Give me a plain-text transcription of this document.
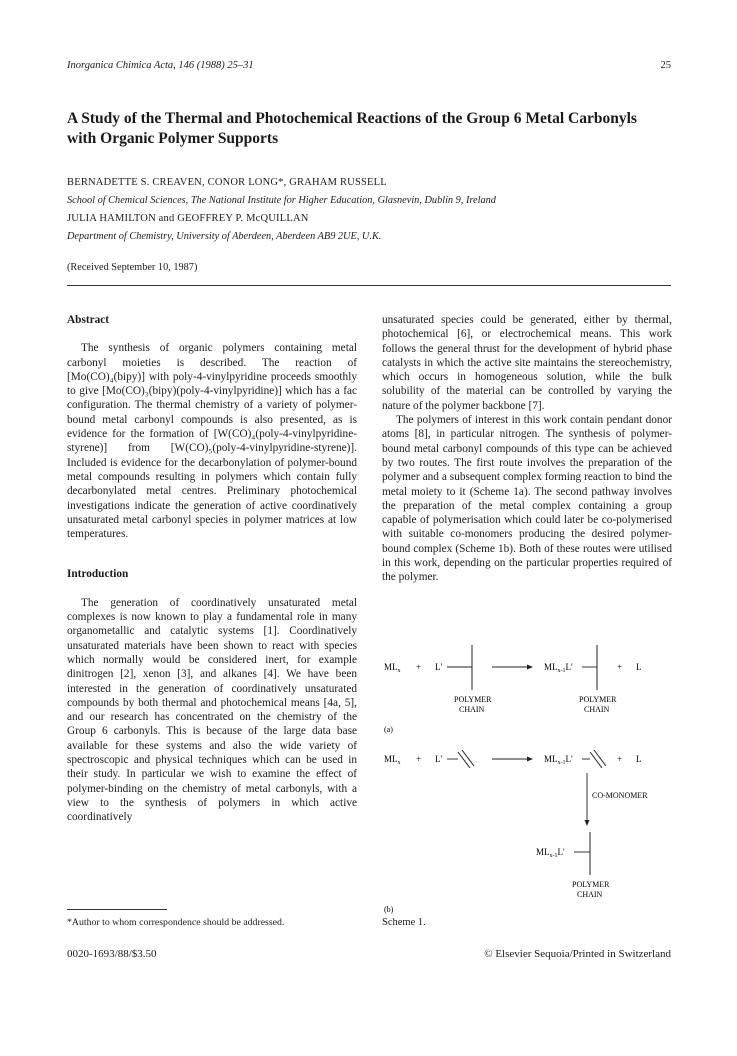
Inorganica Chimica Acta, 146 (1988) 25–31	25
A Study of the Thermal and Photochemical Reactions of the Group 6 Metal Carbonyls with Organic Polymer Supports
BERNADETTE S. CREAVEN, CONOR LONG*, GRAHAM RUSSELL
School of Chemical Sciences, The National Institute for Higher Education, Glasnevin, Dublin 9, Ireland
JULIA HAMILTON and GEOFFREY P. McQUILLAN
Department of Chemistry, University of Aberdeen, Aberdeen AB9 2UE, U.K.
(Received September 10, 1987)
Abstract

The synthesis of organic polymers containing metal carbonyl moieties is described. The reaction of [Mo(CO)₄(bipy)] with poly-4-vinylpyridine proceeds smoothly to give [Mo(CO)₃(bipy)(poly-4-vinylpyridine)] which has a fac configuration. The thermal chemistry of a variety of polymer-bound metal carbonyl compounds is also presented, as is evidence for the formation of [W(CO)₄(poly-4-vinylpyridine-styrene)] from [W(CO)₅(poly-4-vinylpyridine-styrene)]. Included is evidence for the decarbonylation of polymer-bound metal compounds resulting in polymers which contain fully decarbonylated metal centres. Preliminary photochemical investigations indicate the generation of active coordinatively unsaturated metal carbonyl species in polymer matrices at low temperatures.

Introduction

The generation of coordinatively unsaturated metal complexes is now known to play a fundamental role in many organometallic and catalytic systems [1]. Coordinatively unsaturated materials have been shown to react with species which normally would be considered inert, for example dinitrogen [2], xenon [3], and alkanes [4]. We have been interested in the generation of coordinatively unsaturated compounds by both thermal and photochemical means [4a, 5], and our research has concentrated on the chemistry of the Group 6 carbonyls. This is because of the large data base available for these systems and also the wide variety of spectroscopic and physical techniques which can be used in their study. In particular we wish to examine the effect of polymer-binding on the chemistry of metal carbonyls, with a view to the synthesis of polymers in which active coordinatively

unsaturated species could be generated, either by thermal, photochemical [6], or electrochemical means. This work follows the general thrust for the development of hybrid phase catalysts in which the active site maintains the stereochemistry, which occurs in homogeneous solution, while the bulk solubility of the material can be controlled by varying the nature of the polymer backbone [7].

The polymers of interest in this work contain pendant donor atoms [8], in particular nitrogen. The synthesis of polymer-bound metal carbonyl compounds of this type can be achieved by two routes. The first route involves the preparation of the polymer and a subsequent complex forming reaction to bind the metal moiety to it (Scheme 1a). The second pathway involves the preparation of the metal complex containing a group capable of polymerisation which could later be co-polymerised with suitable co-monomers producing the desired polymer-bound complex (Scheme 1b). Both of these routes were utilised in this work, depending on the particular properties required of the polymer.

$ML_x + L'$	$ML_{x-1}L'$	+ L
POLYMER
CHAIN
POLYMER
CHAIN
(a)
$ML_x + L'$	$ML_{x-1}L'$	+ L
CO-MONOMER
$ML_{x-1}L'$
POLYMER
CHAIN
(b)
Scheme 1.
*Author to whom correspondence should be addressed.
0020-1693/88/$3.50	© Elsevier Sequoia/Printed in Switzerland
